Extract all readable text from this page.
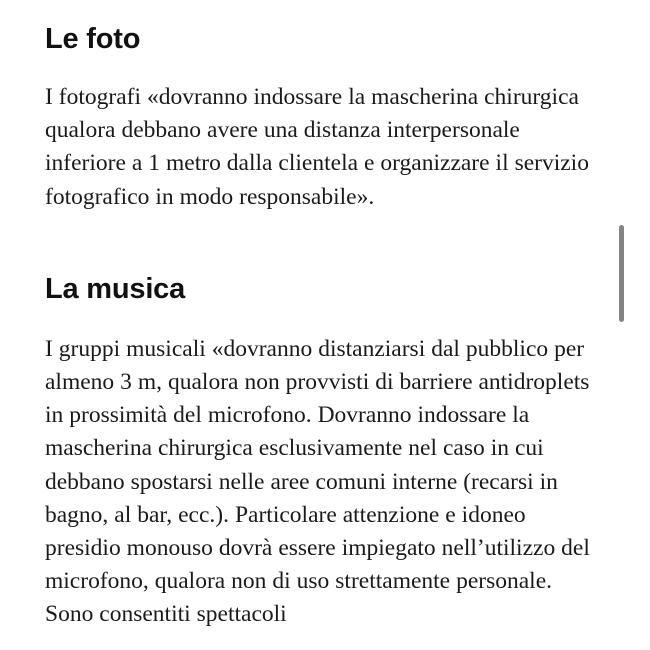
Le foto

I fotografi «dovranno indossare la mascherina chirurgica qualora debbano avere una distanza interpersonale inferiore a 1 metro dalla clientela e organizzare il servizio fotografico in modo responsabile».

La musica

I gruppi musicali «dovranno distanziarsi dal pubblico per almeno 3 m, qualora non provvisti di barriere antidroplets in prossimità del microfono. Dovranno indossare la mascherina chirurgica esclusivamente nel caso in cui debbano spostarsi nelle aree comuni interne (recarsi in bagno, al bar, ecc.). Particolare attenzione e idoneo presidio monouso dovrà essere impiegato nell’utilizzo del microfono, qualora non di uso strettamente personale. Sono consentiti spettacoli
